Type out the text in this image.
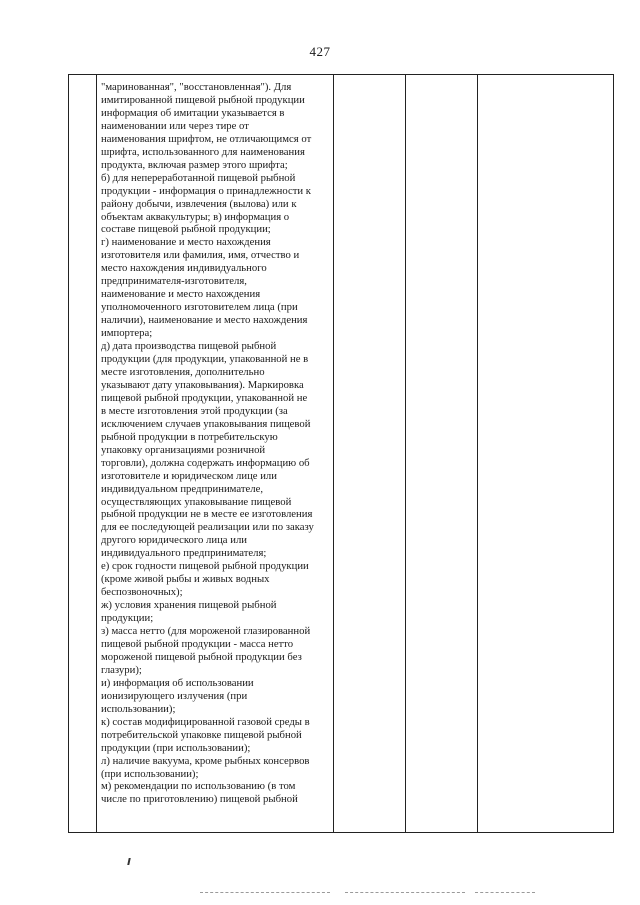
427

"маринованная", "восстановленная"). Для
имитированной пищевой рыбной продукции
информация об имитации указывается в
наименовании или через тире от
наименования шрифтом, не отличающимся от
шрифта, использованного для наименования
продукта, включая размер этого шрифта;
б) для непереработанной пищевой рыбной
продукции - информация о принадлежности к
району добычи, извлечения (вылова) или к
объектам аквакультуры; в) информация о
составе пищевой рыбной продукции;
г) наименование и место нахождения
изготовителя или фамилия, имя, отчество и
место нахождения индивидуального
предпринимателя-изготовителя,
наименование и место нахождения
уполномоченного изготовителем лица (при
наличии), наименование и место нахождения
импортера;
д) дата производства пищевой рыбной
продукции (для продукции, упакованной не в
месте изготовления, дополнительно
указывают дату упаковывания). Маркировка
пищевой рыбной продукции, упакованной не
в месте изготовления этой продукции (за
исключением случаев упаковывания пищевой
рыбной продукции в потребительскую
упаковку организациями розничной
торговли), должна содержать информацию об
изготовителе и юридическом лице или
индивидуальном предпринимателе,
осуществляющих упаковывание пищевой
рыбной продукции не в месте ее изготовления
для ее последующей реализации или по заказу
другого юридического лица или
индивидуального предпринимателя;
е) срок годности пищевой рыбной продукции
(кроме живой рыбы и живых водных
беспозвоночных);
ж) условия хранения пищевой рыбной
продукции;
з) масса нетто (для мороженой глазированной
пищевой рыбной продукции - масса нетто
мороженой пищевой рыбной продукции без
глазури);
и) информация об использовании
ионизирующего излучения (при
использовании);
к) состав модифицированной газовой среды в
потребительской упаковке пищевой рыбной
продукции (при использовании);
л) наличие вакуума, кроме рыбных консервов
(при использовании);
м) рекомендации по использованию (в том
числе по приготовлению) пищевой рыбной
